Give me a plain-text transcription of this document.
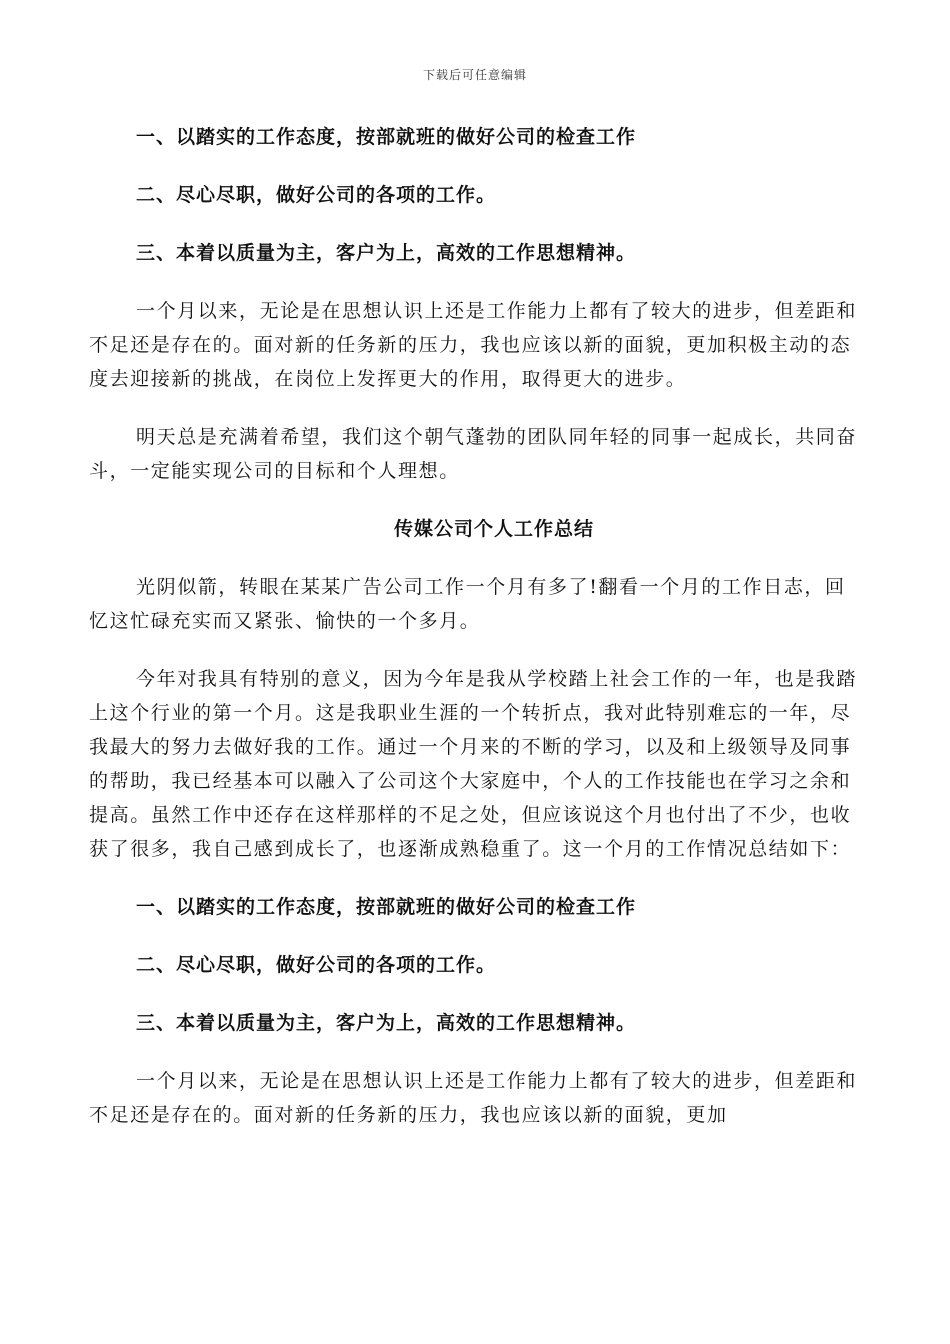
下载后可任意编辑

一、以踏实的工作态度，按部就班的做好公司的检查工作

二、尽心尽职，做好公司的各项的工作。

三、本着以质量为主，客户为上，高效的工作思想精神。

一个月以来，无论是在思想认识上还是工作能力上都有了较大的进步，但差距和不足还是存在的。面对新的任务新的压力，我也应该以新的面貌，更加积极主动的态度去迎接新的挑战，在岗位上发挥更大的作用，取得更大的进步。

明天总是充满着希望，我们这个朝气蓬勃的团队同年轻的同事一起成长，共同奋斗，一定能实现公司的目标和个人理想。

传媒公司个人工作总结

光阴似箭，转眼在某某广告公司工作一个月有多了!翻看一个月的工作日志，回忆这忙碌充实而又紧张、愉快的一个多月。

今年对我具有特别的意义，因为今年是我从学校踏上社会工作的一年，也是我踏上这个行业的第一个月。这是我职业生涯的一个转折点，我对此特别难忘的一年，尽我最大的努力去做好我的工作。通过一个月来的不断的学习，以及和上级领导及同事的帮助，我已经基本可以融入了公司这个大家庭中，个人的工作技能也在学习之余和提高。虽然工作中还存在这样那样的不足之处，但应该说这个月也付出了不少，也收获了很多，我自己感到成长了，也逐渐成熟稳重了。这一个月的工作情况总结如下：

一、以踏实的工作态度，按部就班的做好公司的检查工作

二、尽心尽职，做好公司的各项的工作。

三、本着以质量为主，客户为上，高效的工作思想精神。

一个月以来，无论是在思想认识上还是工作能力上都有了较大的进步，但差距和不足还是存在的。面对新的任务新的压力，我也应该以新的面貌，更加
